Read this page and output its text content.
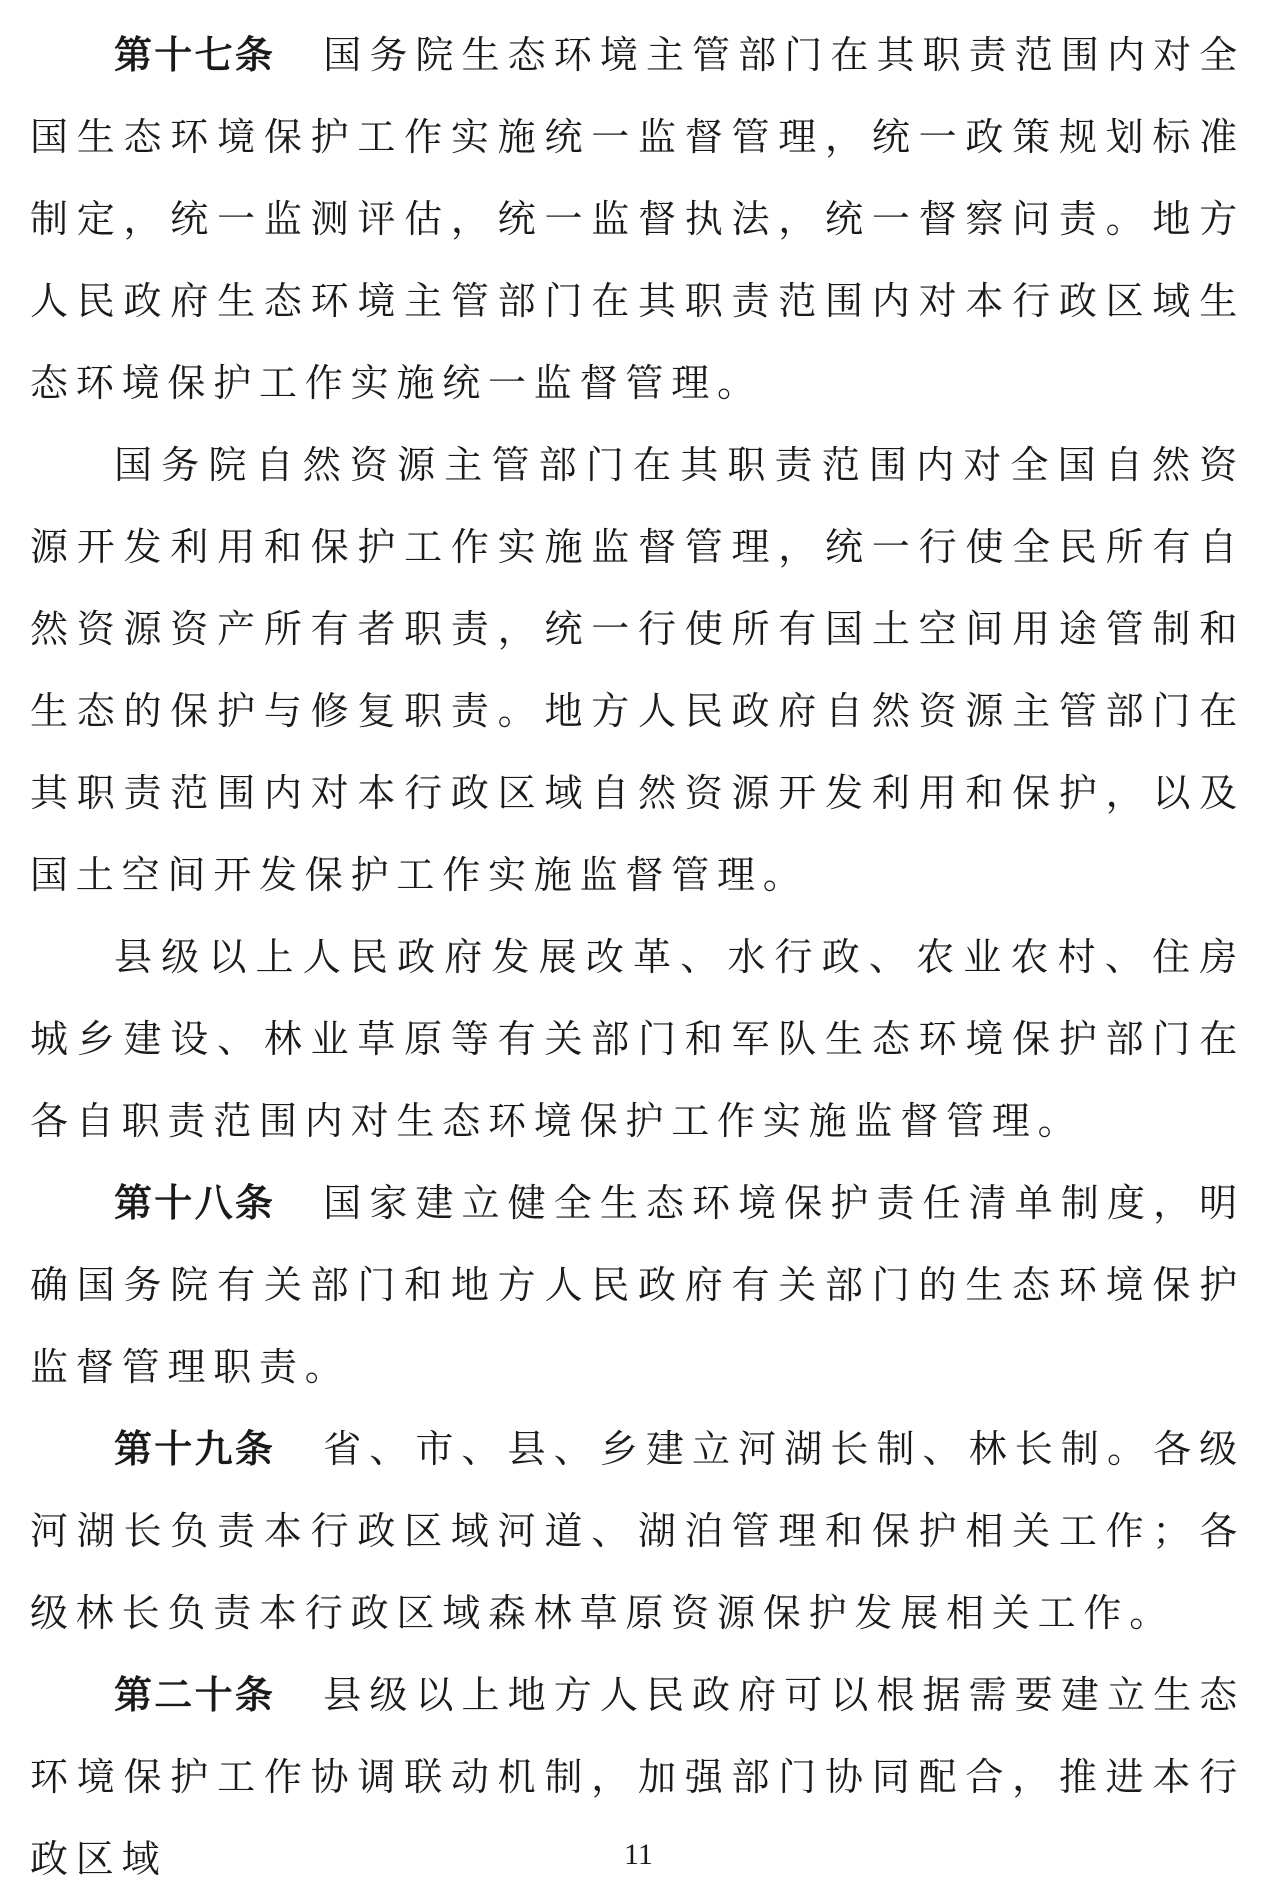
第十七条 国务院生态环境主管部门在其职责范围内对全国生态环境保护工作实施统一监督管理，统一政策规划标准制定，统一监测评估，统一监督执法，统一督察问责。地方人民政府生态环境主管部门在其职责范围内对本行政区域生态环境保护工作实施统一监督管理。

国务院自然资源主管部门在其职责范围内对全国自然资源开发利用和保护工作实施监督管理，统一行使全民所有自然资源资产所有者职责，统一行使所有国土空间用途管制和生态的保护与修复职责。地方人民政府自然资源主管部门在其职责范围内对本行政区域自然资源开发利用和保护，以及国土空间开发保护工作实施监督管理。

县级以上人民政府发展改革、水行政、农业农村、住房城乡建设、林业草原等有关部门和军队生态环境保护部门在各自职责范围内对生态环境保护工作实施监督管理。

第十八条 国家建立健全生态环境保护责任清单制度，明确国务院有关部门和地方人民政府有关部门的生态环境保护监督管理职责。

第十九条 省、市、县、乡建立河湖长制、林长制。各级河湖长负责本行政区域河道、湖泊管理和保护相关工作；各级林长负责本行政区域森林草原资源保护发展相关工作。

第二十条 县级以上地方人民政府可以根据需要建立生态环境保护工作协调联动机制，加强部门协同配合，推进本行政区域	11
